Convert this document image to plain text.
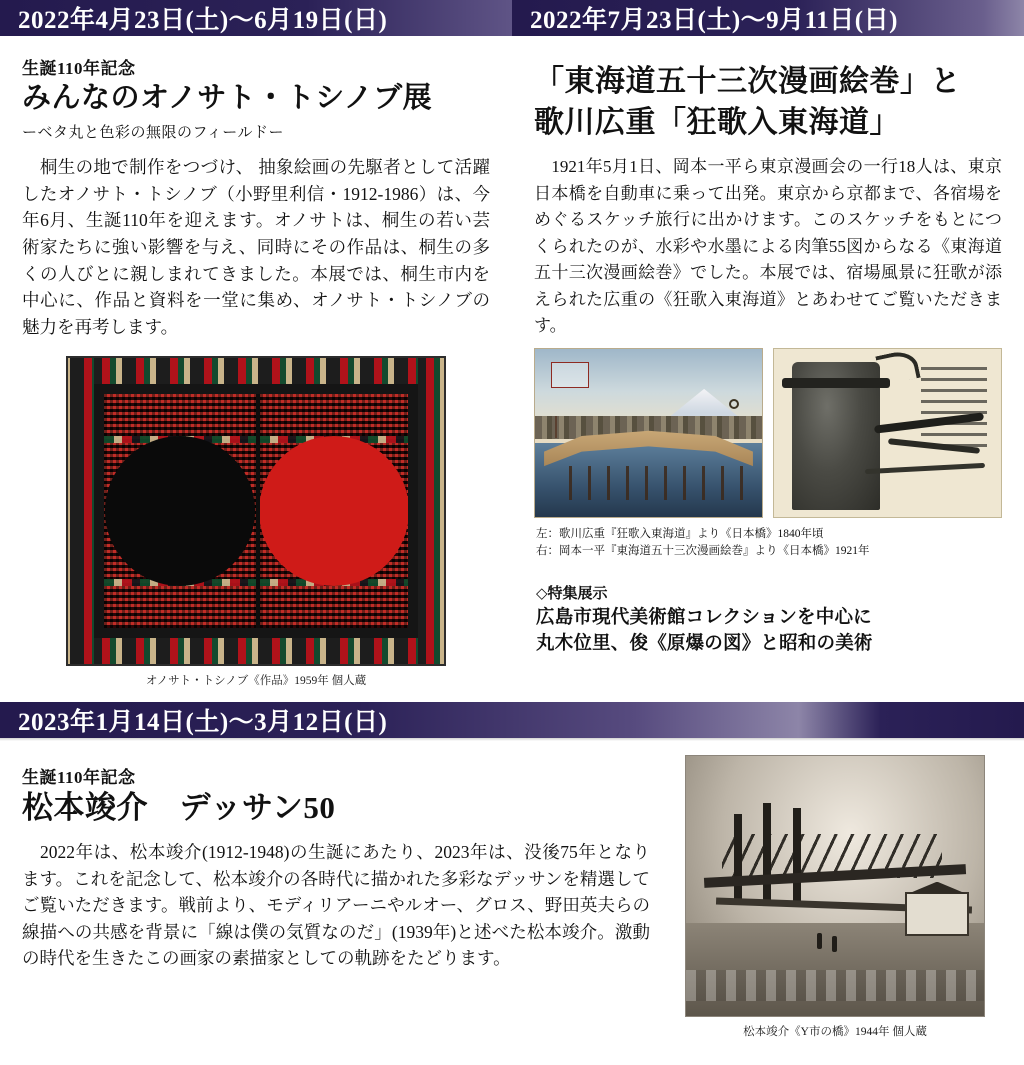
2022年4月23日(土)〜6月19日(日)
生誕110年記念
みんなのオノサト・トシノブ展
ーベタ丸と色彩の無限のフィールドー
　桐生の地で制作をつづけ、 抽象絵画の先駆者として活躍したオノサト・トシノブ（小野里利信・1912-1986）は、今年6月、生誕110年を迎えます。オノサトは、桐生の若い芸術家たちに強い影響を与え、同時にその作品は、桐生の多くの人びとに親しまれてきました。本展では、桐生市内を中心に、作品と資料を一堂に集め、オノサト・トシノブの魅力を再考します。
オノサト・トシノブ《作品》1959年 個人蔵
2022年7月23日(土)〜9月11日(日)
「東海道五十三次漫画絵巻」と
歌川広重「狂歌入東海道」
　1921年5月1日、岡本一平ら東京漫画会の一行18人は、東京日本橋を自動車に乗って出発。東京から京都まで、各宿場をめぐるスケッチ旅行に出かけます。このスケッチをもとにつくられたのが、水彩や水墨による肉筆55図からなる《東海道五十三次漫画絵巻》でした。本展では、宿場風景に狂歌が添えられた広重の《狂歌入東海道》とあわせてご覧いただきます。
左：歌川広重『狂歌入東海道』より《日本橋》1840年頃
右：岡本一平『東海道五十三次漫画絵巻』より《日本橋》1921年
◇特集展示
広島市現代美術館コレクションを中心に
丸木位里、俊《原爆の図》と昭和の美術
2023年1月14日(土)〜3月12日(日)
生誕110年記念
松本竣介　デッサン50
　2022年は、松本竣介(1912-1948)の生誕にあたり、2023年は、没後75年となります。これを記念して、松本竣介の各時代に描かれた多彩なデッサンを精選してご覧いただきます。戦前より、モディリアーニやルオー、グロス、野田英夫らの線描への共感を背景に「線は僕の気質なのだ」(1939年)と述べた松本竣介。激動の時代を生きたこの画家の素描家としての軌跡をたどります。
松本竣介《Y市の橋》1944年 個人蔵
